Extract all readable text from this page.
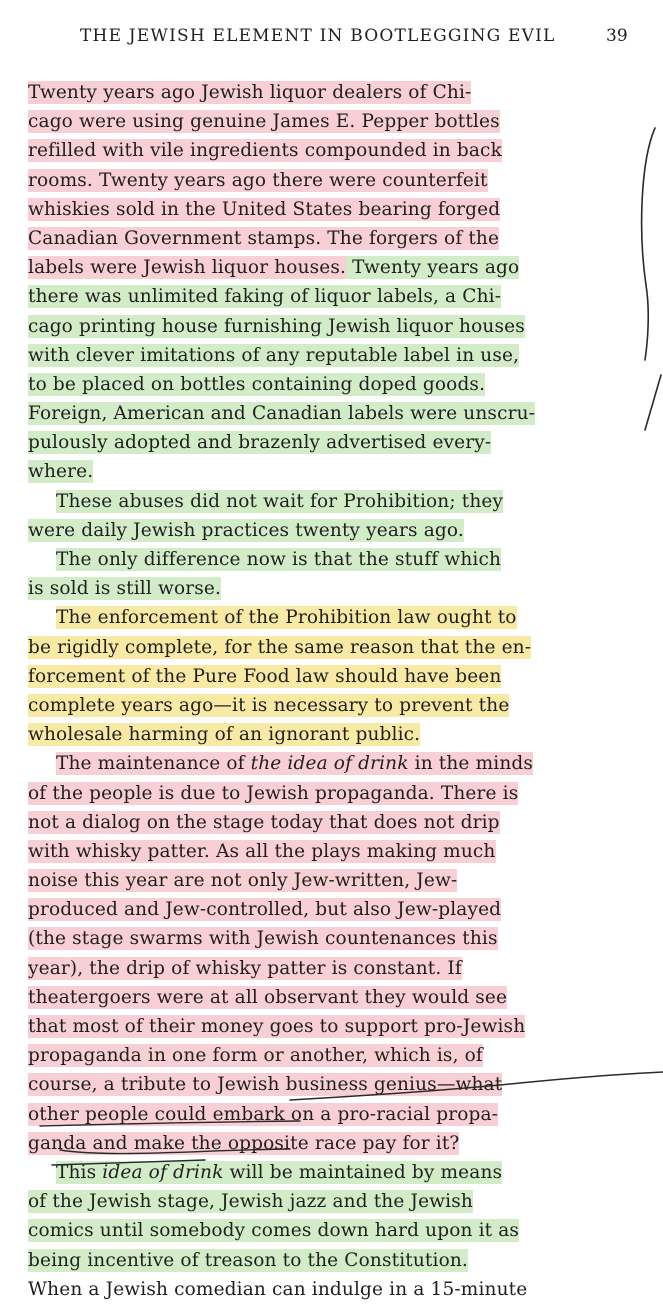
THE JEWISH ELEMENT IN BOOTLEGGING EVIL	39
Twenty years ago Jewish liquor dealers of Chi-
cago were using genuine James E. Pepper bottles
refilled with vile ingredients compounded in back
rooms. Twenty years ago there were counterfeit
whiskies sold in the United States bearing forged
Canadian Government stamps. The forgers of the
labels were Jewish liquor houses. Twenty years ago
there was unlimited faking of liquor labels, a Chi-
cago printing house furnishing Jewish liquor houses
with clever imitations of any reputable label in use,
to be placed on bottles containing doped goods.
Foreign, American and Canadian labels were unscru-
pulously adopted and brazenly advertised every-
where.
These abuses did not wait for Prohibition; they
were daily Jewish practices twenty years ago.
The only difference now is that the stuff which
is sold is still worse.
The enforcement of the Prohibition law ought to
be rigidly complete, for the same reason that the en-
forcement of the Pure Food law should have been
complete years ago—it is necessary to prevent the
wholesale harming of an ignorant public.
The maintenance of the idea of drink in the minds
of the people is due to Jewish propaganda. There is
not a dialog on the stage today that does not drip
with whisky patter. As all the plays making much
noise this year are not only Jew-written, Jew-
produced and Jew-controlled, but also Jew-played
(the stage swarms with Jewish countenances this
year), the drip of whisky patter is constant. If
theatergoers were at all observant they would see
that most of their money goes to support pro-Jewish
propaganda in one form or another, which is, of
course, a tribute to Jewish business genius—what
other people could embark on a pro-racial propa-
ganda and make the opposite race pay for it?
This idea of drink will be maintained by means
of the Jewish stage, Jewish jazz and the Jewish
comics until somebody comes down hard upon it as
being incentive of treason to the Constitution.
When a Jewish comedian can indulge in a 15-minute
